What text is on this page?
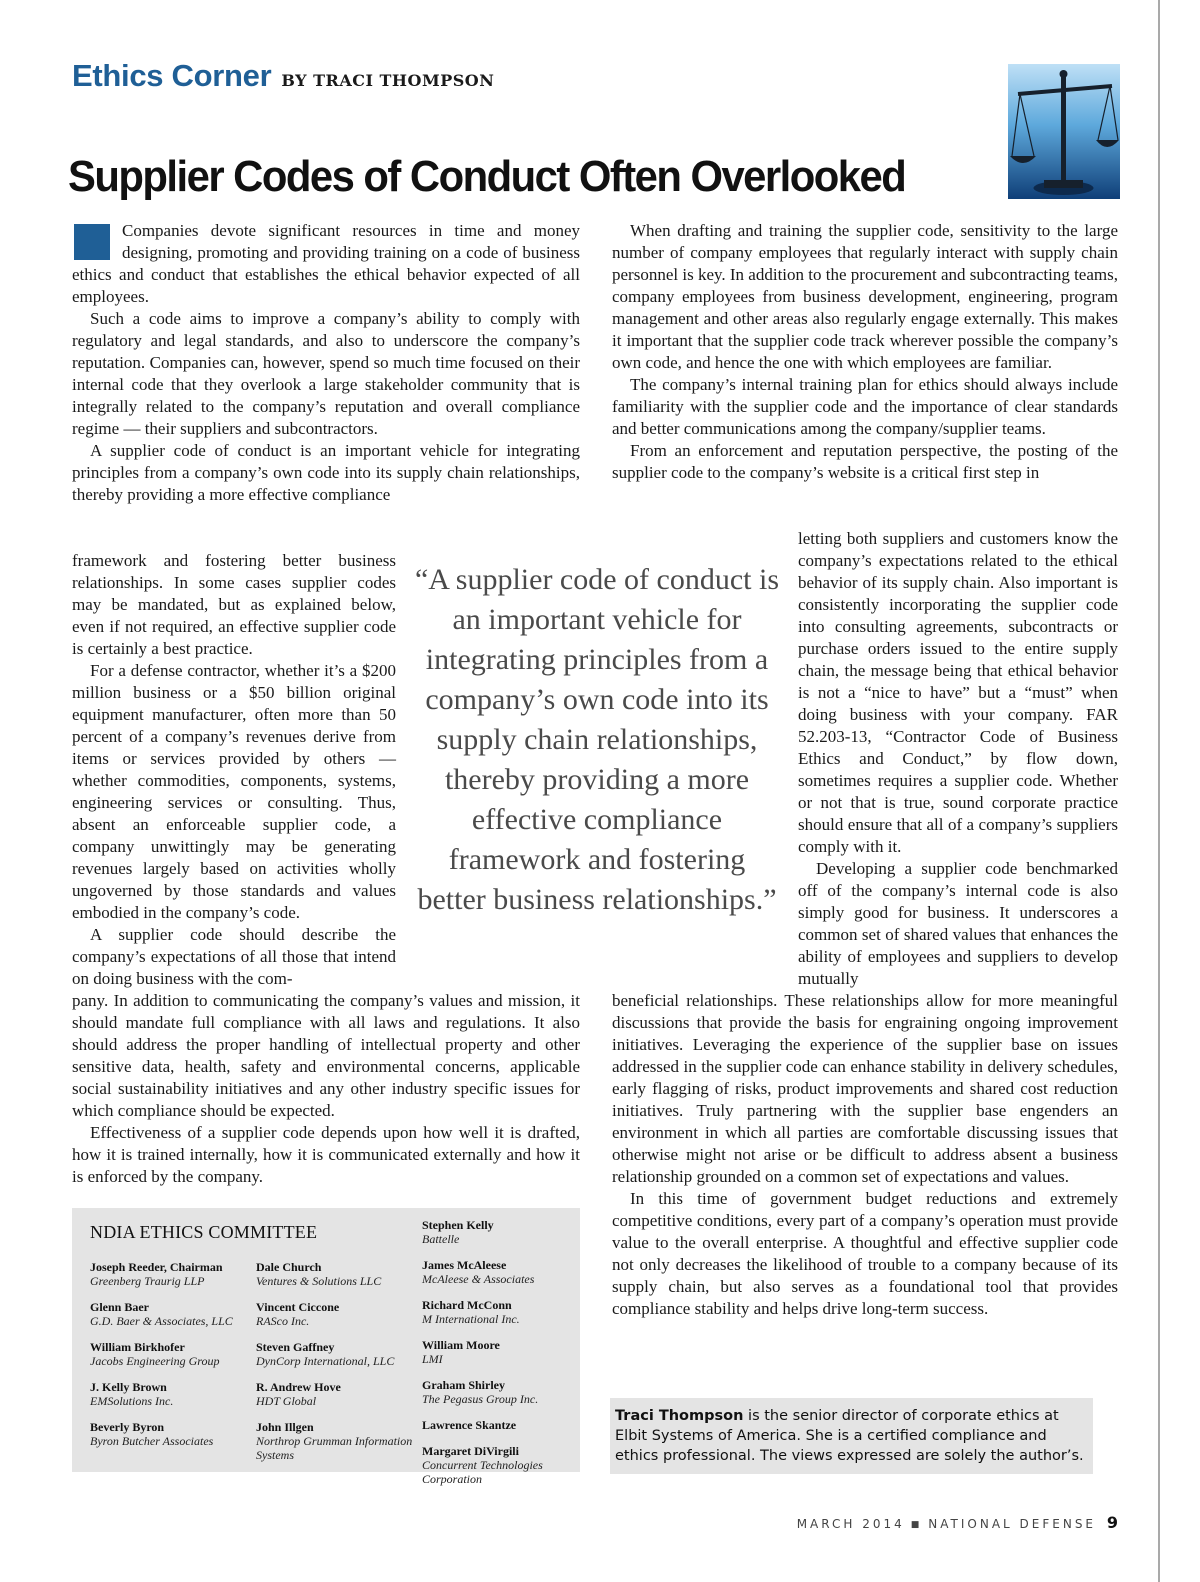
Ethics Corner BY TRACI THOMPSON
Supplier Codes of Conduct Often Overlooked

Companies devote significant resources in time and money designing, promoting and providing training on a code of business ethics and conduct that establishes the ethical behavior expected of all employees.

Such a code aims to improve a company’s ability to comply with regulatory and legal standards, and also to underscore the company’s reputation. Companies can, however, spend so much time focused on their internal code that they overlook a large stakeholder community that is integrally related to the company’s reputation and overall compliance regime — their suppliers and subcontractors.

A supplier code of conduct is an important vehicle for integrating principles from a company’s own code into its supply chain relationships, thereby providing a more effective compliance

framework and fostering better business relationships. In some cases supplier codes may be mandated, but as explained below, even if not required, an effective supplier code is certainly a best practice.

For a defense contractor, whether it’s a $200 million business or a $50 billion original equipment manufacturer, often more than 50 percent of a company’s revenues derive from items or services provided by others — whether commodities, components, systems, engineering services or consulting. Thus, absent an enforceable supplier code, a company unwittingly may be generating revenues largely based on activities wholly ungoverned by those standards and values embodied in the company’s code.

A supplier code should describe the company’s expectations of all those that intend on doing business with the com-

pany. In addition to communicating the company’s values and mission, it should mandate full compliance with all laws and regulations. It also should address the proper handling of intellectual property and other sensitive data, health, safety and environmental concerns, applicable social sustainability initiatives and any other industry specific issues for which compliance should be expected.

Effectiveness of a supplier code depends upon how well it is drafted, how it is trained internally, how it is communicated externally and how it is enforced by the company.

When drafting and training the supplier code, sensitivity to the large number of company employees that regularly interact with supply chain personnel is key. In addition to the procurement and subcontracting teams, company employees from business development, engineering, program management and other areas also regularly engage externally. This makes it important that the supplier code track wherever possible the company’s own code, and hence the one with which employees are familiar.

The company’s internal training plan for ethics should always include familiarity with the supplier code and the importance of clear standards and better communications among the company/supplier teams.

From an enforcement and reputation perspective, the posting of the supplier code to the company’s website is a critical first step in

letting both suppliers and customers know the company’s expectations related to the ethical behavior of its supply chain. Also important is consistently incorporating the supplier code into consulting agreements, subcontracts or purchase orders issued to the entire supply chain, the message being that ethical behavior is not a “nice to have” but a “must” when doing business with your company. FAR 52.203-13, “Contractor Code of Business Ethics and Conduct,” by flow down, sometimes requires a supplier code. Whether or not that is true, sound corporate practice should ensure that all of a company’s suppliers comply with it.

Developing a supplier code benchmarked off of the company’s internal code is also simply good for business. It underscores a common set of shared values that enhances the ability of employees and suppliers to develop mutually

beneficial relationships. These relationships allow for more meaningful discussions that provide the basis for engraining ongoing improvement initiatives. Leveraging the experience of the supplier base on issues addressed in the supplier code can enhance stability in delivery schedules, early flagging of risks, product improvements and shared cost reduction initiatives. Truly partnering with the supplier base engenders an environment in which all parties are comfortable discussing issues that otherwise might not arise or be difficult to address absent a business relationship grounded on a common set of expectations and values.

In this time of government budget reductions and extremely competitive conditions, every part of a company’s operation must provide value to the overall enterprise. A thoughtful and effective supplier code not only decreases the likelihood of trouble to a company because of its supply chain, but also serves as a foundational tool that provides compliance stability and helps drive long-term success.

“A supplier code of conduct is an important vehicle for integrating principles from a company’s own code into its supply chain relationships, thereby providing a more effective compliance framework and fostering better business relationships.”

NDIA ETHICS COMMITTEE
Joseph Reeder, Chairman
Greenberg Traurig LLP
Glenn Baer
G.D. Baer & Associates, LLC
William Birkhofer
Jacobs Engineering Group
J. Kelly Brown
EMSolutions Inc.
Beverly Byron
Byron Butcher Associates
Dale Church
Ventures & Solutions LLC
Vincent Ciccone
RASco Inc.
Steven Gaffney
DynCorp International, LLC
R. Andrew Hove
HDT Global
John Illgen
Northrop Grumman Information Systems
Stephen Kelly
Battelle
James McAleese
McAleese & Associates
Richard McConn
M International Inc.
William Moore
LMI
Graham Shirley
The Pegasus Group Inc.
Lawrence Skantze
Margaret DiVirgili
Concurrent Technologies Corporation
Traci Thompson is the senior director of corporate ethics at Elbit Systems of America. She is a certified compliance and ethics professional. The views expressed are solely the author’s.
MARCH 2014 ■ NATIONAL DEFENSE 9
